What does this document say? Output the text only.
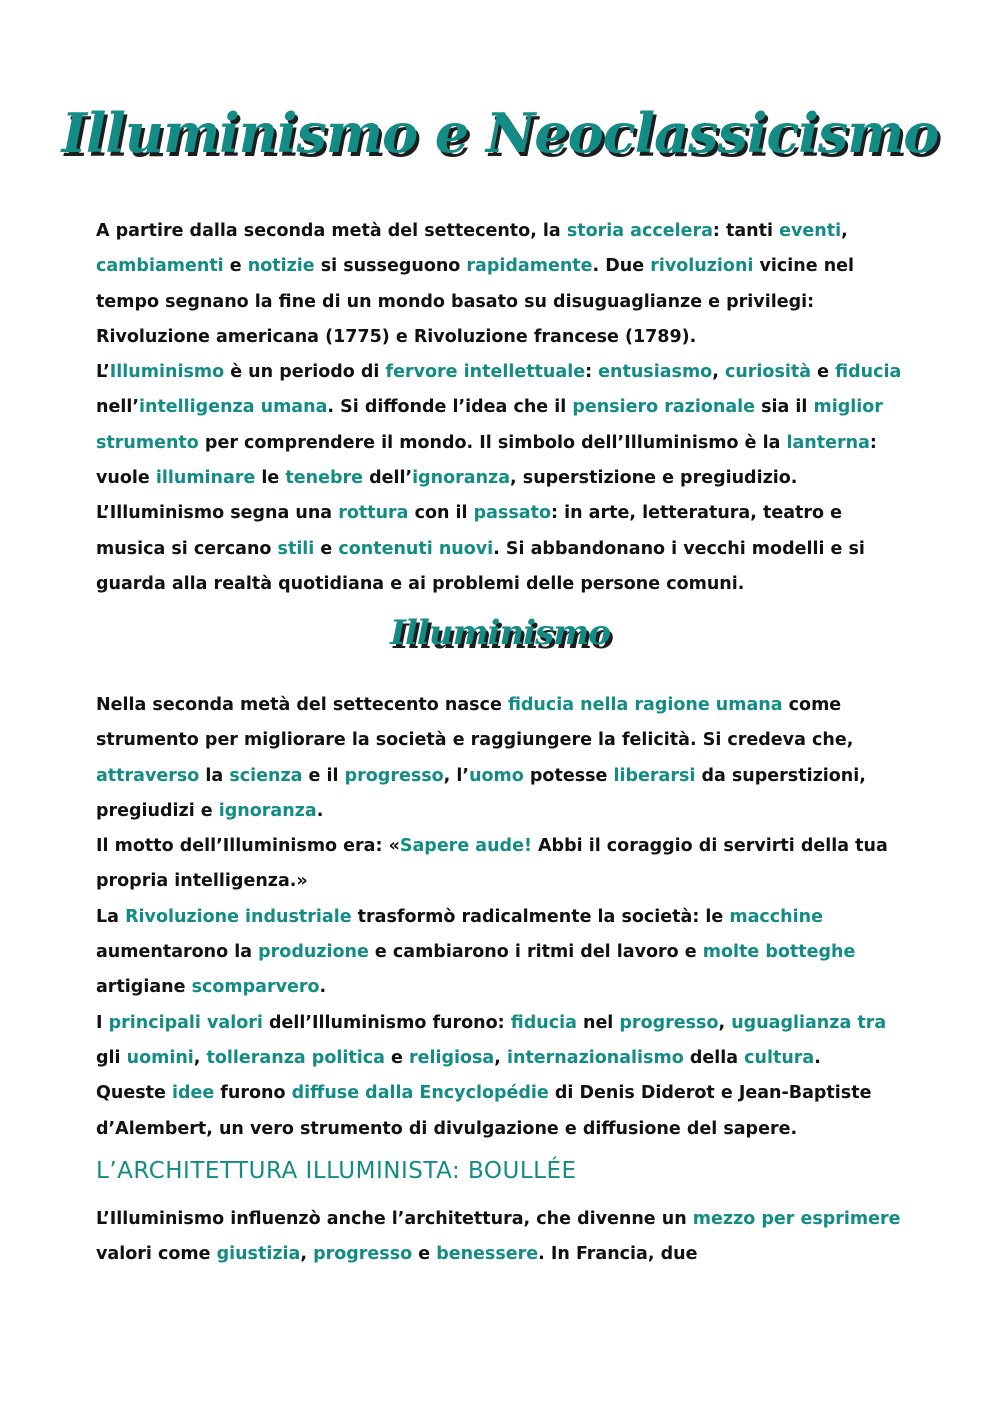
Illuminismo e Neoclassicismo

A partire dalla seconda metà del settecento, la storia accelera: tanti eventi, cambiamenti e notizie si susseguono rapidamente. Due rivoluzioni vicine nel tempo segnano la fine di un mondo basato su disuguaglianze e privilegi: Rivoluzione americana (1775) e Rivoluzione francese (1789).
L’Illuminismo è un periodo di fervore intellettuale: entusiasmo, curiosità e fiducia nell’intelligenza umana. Si diffonde l’idea che il pensiero razionale sia il miglior strumento per comprendere il mondo. Il simbolo dell’Illuminismo è la lanterna: vuole illuminare le tenebre dell’ignoranza, superstizione e pregiudizio.
L’Illuminismo segna una rottura con il passato: in arte, letteratura, teatro e musica si cercano stili e contenuti nuovi. Si abbandonano i vecchi modelli e si guarda alla realtà quotidiana e ai problemi delle persone comuni.

Illuminismo

Nella seconda metà del settecento nasce fiducia nella ragione umana come strumento per migliorare la società e raggiungere la felicità. Si credeva che, attraverso la scienza e il progresso, l’uomo potesse liberarsi da superstizioni, pregiudizi e ignoranza.
Il motto dell’Illuminismo era: «Sapere aude! Abbi il coraggio di servirti della tua propria intelligenza.»
La Rivoluzione industriale trasformò radicalmente la società: le macchine aumentarono la produzione e cambiarono i ritmi del lavoro e molte botteghe artigiane scomparvero.
I principali valori dell’Illuminismo furono: fiducia nel progresso, uguaglianza tra gli uomini, tolleranza politica e religiosa, internazionalismo della cultura.
Queste idee furono diffuse dalla Encyclopédie di Denis Diderot e Jean-Baptiste d’Alembert, un vero strumento di divulgazione e diffusione del sapere.

L’ARCHITETTURA ILLUMINISTA: BOULLÉE

L’Illuminismo influenzò anche l’architettura, che divenne un mezzo per esprimere valori come giustizia, progresso e benessere. In Francia, due
